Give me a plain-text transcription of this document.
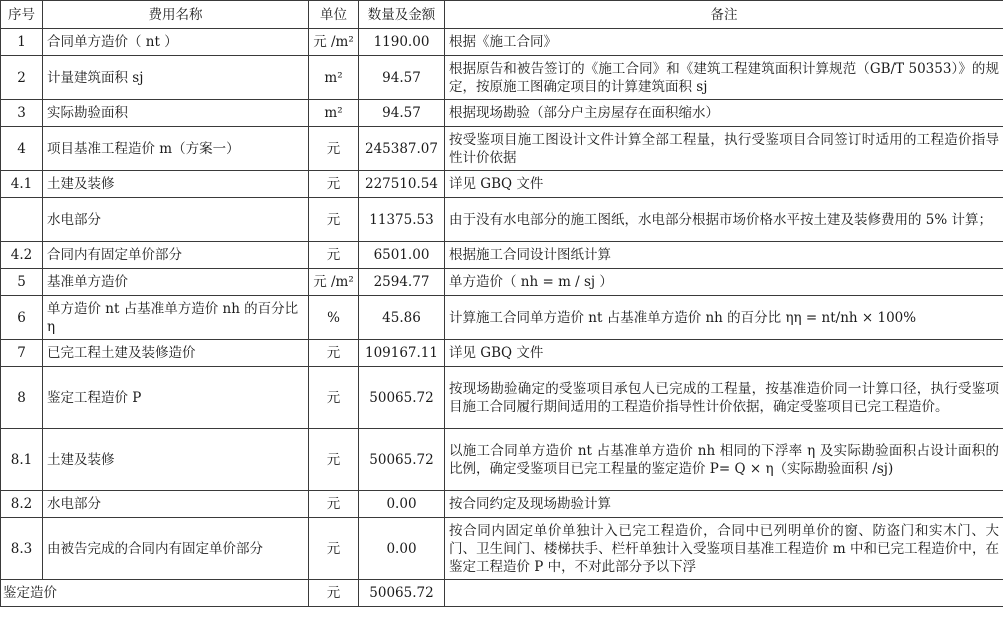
序号	费用名称	单位	数量及金额	备注
1	合同单方造价（ nt ）	元 /m²	1190.00	根据《施工合同》
2	计量建筑面积 sj	m²	94.57	根据原告和被告签订的《施工合同》和《建筑工程建筑面积计算规范（GB/T 50353）》的规定，按原施工图确定项目的计算建筑面积 sj
3	实际勘验面积	m²	94.57	根据现场勘验（部分户主房屋存在面积缩水）
4	项目基准工程造价 m（方案一）	元	245387.07	按受鉴项目施工图设计文件计算全部工程量，执行受鉴项目合同签订时适用的工程造价指导性计价依据
4.1	土建及装修	元	227510.54	详见 GBQ 文件
	水电部分	元	11375.53	由于没有水电部分的施工图纸，水电部分根据市场价格水平按土建及装修费用的 5% 计算；
4.2	合同内有固定单价部分	元	6501.00	根据施工合同设计图纸计算
5	基准单方造价	元 /m²	2594.77	单方造价（ nh = m / sj ）
6	单方造价 nt 占基准单方造价 nh 的百分比 η	%	45.86	计算施工合同单方造价 nt 占基准单方造价 nh 的百分比 ηη = nt/nh × 100%
7	已完工程土建及装修造价	元	109167.11	详见 GBQ 文件
8	鉴定工程造价 P	元	50065.72	按现场勘验确定的受鉴项目承包人已完成的工程量，按基准造价同一计算口径，执行受鉴项目施工合同履行期间适用的工程造价指导性计价依据，确定受鉴项目已完工程造价。
8.1	土建及装修	元	50065.72	以施工合同单方造价 nt 占基准单方造价 nh 相同的下浮率 η 及实际勘验面积占设计面积的比例，确定受鉴项目已完工程量的鉴定造价 P= Q × η（实际勘验面积 /sj)
8.2	水电部分	元	0.00	按合同约定及现场勘验计算
8.3	由被告完成的合同内有固定单价部分	元	0.00	按合同内固定单价单独计入已完工程造价，合同中已列明单价的窗、防盗门和实木门、大门、卫生间门、楼梯扶手、栏杆单独计入受鉴项目基准工程造价 m 中和已完工程造价中，在鉴定工程造价 P 中，不对此部分予以下浮
鉴定造价		元	50065.72	
